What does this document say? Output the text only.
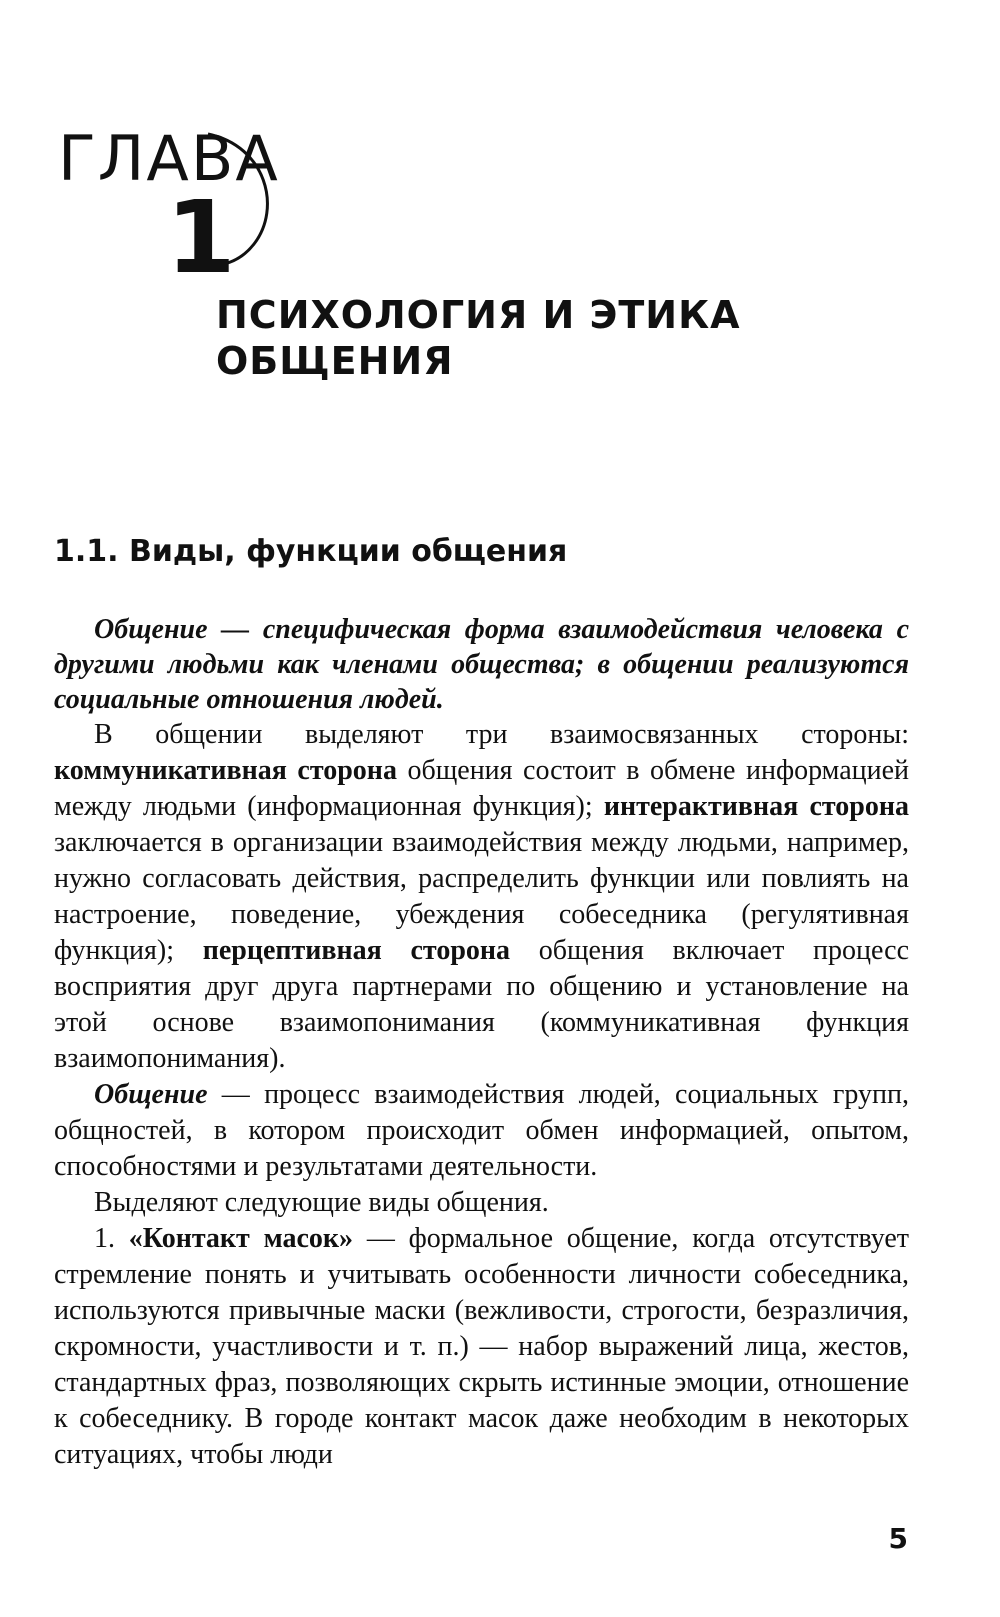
ГЛАВА
1
ПСИХОЛОГИЯ И ЭТИКА
ОБЩЕНИЯ
1.1. Виды, функции общения

Общение — специфическая форма взаимодействия человека с другими людьми как членами общества; в общении реализуются социальные отношения людей.

В общении выделяют три взаимосвязанных стороны: коммуникативная сторона общения состоит в обмене информацией между людьми (информационная функция); интерактивная сторона заключается в организации взаимодействия между людьми, например, нужно согласовать действия, распределить функции или повлиять на настроение, поведение, убеждения собеседника (регулятивная функция); перцептивная сторона общения включает процесс восприятия друг друга партнерами по общению и установление на этой основе взаимопонимания (коммуникативная функция взаимопонимания).

Общение — процесс взаимодействия людей, социальных групп, общностей, в котором происходит обмен информацией, опытом, способностями и результатами деятельности.

Выделяют следующие виды общения.

1. «Контакт масок» — формальное общение, когда отсутствует стремление понять и учитывать особенности личности собеседника, используются привычные маски (вежливости, строгости, безразличия, скромности, участливости и т. п.) — набор выражений лица, жестов, стандартных фраз, позволяющих скрыть истинные эмоции, отношение к собеседнику. В городе контакт масок даже необходим в некоторых ситуациях, чтобы люди

5
